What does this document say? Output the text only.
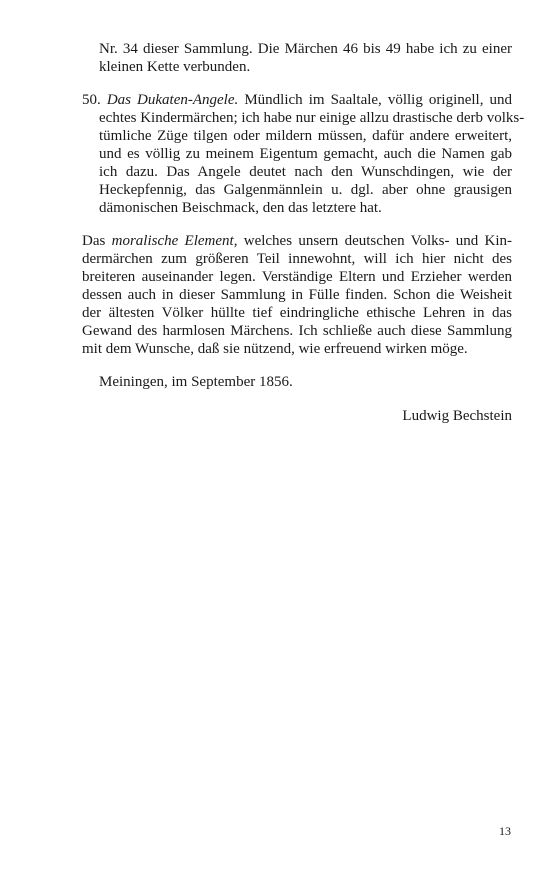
Nr. 34 dieser Sammlung. Die Märchen 46 bis 49 habe ich zu einer
kleinen Kette verbunden.
50. Das Dukaten-Angele. Mündlich im Saaltale, völlig originell, und
echtes Kindermärchen; ich habe nur einige allzu drastische derb volks-
tümliche Züge tilgen oder mildern müssen, dafür andere erweitert,
und es völlig zu meinem Eigentum gemacht, auch die Namen gab
ich dazu. Das Angele deutet nach den Wunschdingen, wie der
Heckepfennig, das Galgenmännlein u. dgl. aber ohne grausigen
dämonischen Beischmack, den das letztere hat.
Das moralische Element, welches unsern deutschen Volks- und Kin-
dermärchen zum größeren Teil innewohnt, will ich hier nicht des
breiteren auseinander legen. Verständige Eltern und Erzieher werden
dessen auch in dieser Sammlung in Fülle finden. Schon die Weisheit
der ältesten Völker hüllte tief eindringliche ethische Lehren in das
Gewand des harmlosen Märchens. Ich schließe auch diese Sammlung
mit dem Wunsche, daß sie nützend, wie erfreuend wirken möge.
Meiningen, im September 1856.
Ludwig Bechstein
13
